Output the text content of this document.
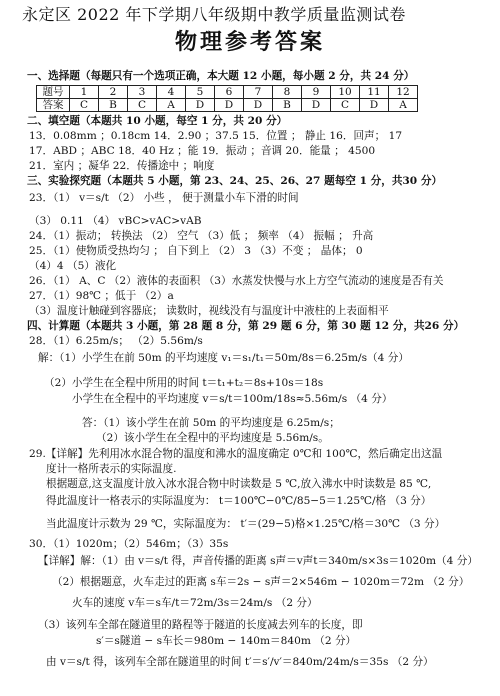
永定区 2022 年下学期八年级期中教学质量监测试卷
物理参考答案
一、选择题（每题只有一个选项正确，本大题 12 小题，每小题 2 分，共 24 分）
题号	1	2	3	4	5	6	7	8	9	10	11	12
答案	C	B	C	A	D	D	D	B	D	C	D	A
二、填空题（本题共 10 小题，每空 1 分，共 20 分）
13．0.08mm ；0.18cm 14．2.90 ；37.5 15．位置 ； 静止 16．回声； 17
17．ABD ；ABC 18．40 Hz ；能 19．振动 ；音调 20．能量 ； 4500
21．室内 ；凝华 22．传播途中 ；响度
三、实验探究题（本题共 5 小题，第 23、24、25、26、27 题每空 1 分，共30 分）
23．（1） v＝s/t （2） 小些 ， 便于测量小车下滑的时间
（3） 0.11 （4） vBC>vAC>vAB
24．（1）振动； 转换法 （2） 空气 （3）低 ； 频率 （4） 振幅 ； 升高
25．（1）使物质受热均匀 ； 自下到上 （2） 3 （3）不变 ； 晶体； 0
（4）4 （5）液化
26．（1） A、C （2）液体的表面积 （3）水蒸发快慢与水上方空气流动的速度是否有关
27．（1）98℃ ；低于 （2）a
（3）温度计触碰到容器底； 读数时，视线没有与温度计中液柱的上表面相平
四、计算题（本题共 3 小题，第 28 题 8 分，第 29 题 6 分，第 30 题 12 分，共26 分）
28．（1）6.25m/s； （2）5.56m/s
解：（1）小学生在前 50m 的平均速度 v₁＝s₁/t₁＝50m/8s＝6.25m/s（4 分）
（2）小学生在全程中所用的时间 t＝t₁+t₂＝8s+10s＝18s
小学生在全程中的平均速度 v＝s/t＝100m/18s≈5.56m/s （4 分）
答：（1）该小学生在前 50m 的平均速度是 6.25m/s；
（2）该小学生在全程中的平均速度是 5.56m/s。
29.【详解】先利用冰水混合物的温度和沸水的温度确定 0℃和 100℃，然后确定出这温
度计一格所表示的实际温度.
根据题意,这支温度计放入冰水混合物中时读数是 5 ℃,放入沸水中时读数是 85 ℃,
得此温度计一格表示的实际温度为： t＝100℃−0℃/85−5＝1.25℃/格 （3 分）
当此温度计示数为 29 ℃，实际温度为： t′＝(29−5)格×1.25℃/格＝30℃ （3 分）
30．（1）1020m；（2）546m；（3）35s
【详解】解：（1）由 v＝s/t 得，声音传播的距离 s声＝v声t＝340m/s×3s＝1020m（4 分）
（2）根据题意，火车走过的距离 s车＝2s − s声＝2×546m − 1020m＝72m （2 分）
火车的速度 v车＝s车/t＝72m/3s＝24m/s （2 分）
（3）该列车全部在隧道里的路程等于隧道的长度减去列车的长度，即
s′＝s隧道 − s车长＝980m − 140m＝840m （2 分）
由 v＝s/t 得，该列车全部在隧道里的时间 t′＝s′/v′＝840m/24m/s＝35s （2 分）
